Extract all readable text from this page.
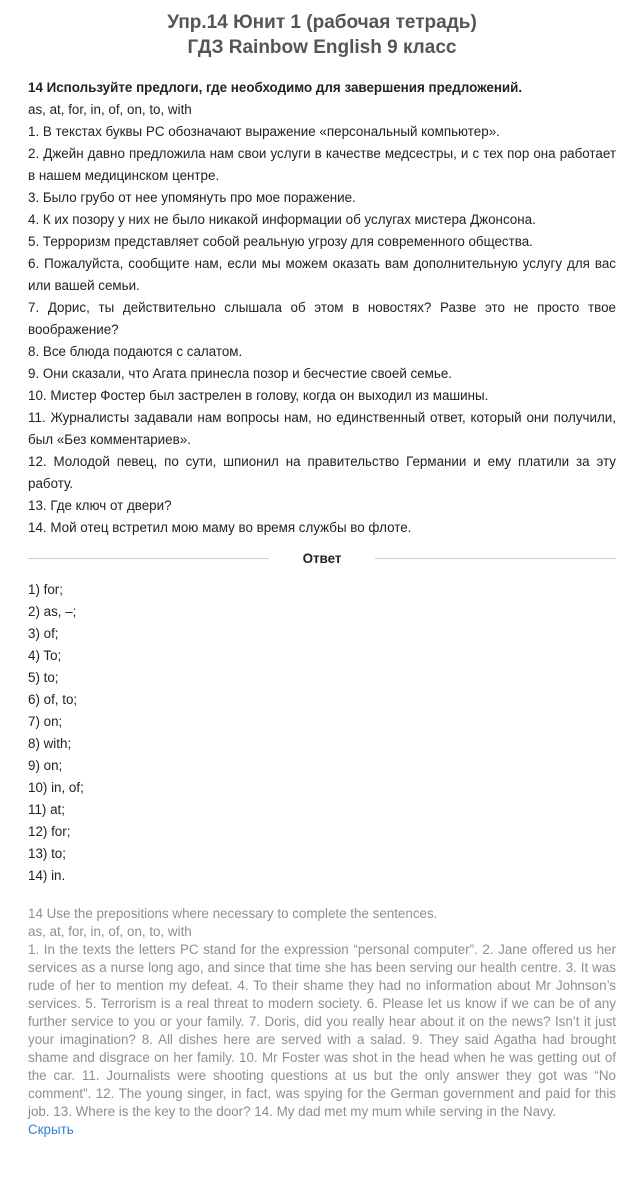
Упр.14 Юнит 1 (рабочая тетрадь)
ГДЗ Rainbow English 9 класс

14 Используйте предлоги, где необходимо для завершения предложений.

as, at, for, in, of, on, to, with

1. В текстах буквы PC обозначают выражение «персональный компьютер».

2. Джейн давно предложила нам свои услуги в качестве медсестры, и с тех пор она работает в нашем медицинском центре.

3. Было грубо от нее упомянуть про мое поражение.

4. К их позору у них не было никакой информации об услугах мистера Джонсона.

5. Терроризм представляет собой реальную угрозу для современного общества.

6. Пожалуйста, сообщите нам, если мы можем оказать вам дополнительную услугу для вас или вашей семьи.

7. Дорис, ты действительно слышала об этом в новостях? Разве это не просто твое воображение?

8. Все блюда подаются с салатом.

9. Они сказали, что Агата принесла позор и бесчестие своей семье.

10. Мистер Фостер был застрелен в голову, когда он выходил из машины.

11. Журналисты задавали нам вопросы нам, но единственный ответ, который они получили, был «Без комментариев».

12. Молодой певец, по сути, шпионил на правительство Германии и ему платили за эту работу.

13. Где ключ от двери?

14. Мой отец встретил мою маму во время службы во флоте.

Ответ
1) for;
2) as, –;
3) of;
4) To;
5) to;
6) of, to;
7) on;
8) with;
9) on;
10) in, of;
11) at;
12) for;
13) to;
14) in.

14 Use the prepositions where necessary to complete the sentences.

as, at, for, in, of, on, to, with

1. In the texts the letters PC stand for the expression “personal computer”. 2. Jane offered us her services as a nurse long ago, and since that time she has been serving our health centre. 3. It was rude of her to mention my defeat. 4. To their shame they had no information about Mr Johnson’s services. 5. Terrorism is a real threat to modern society. 6. Please let us know if we can be of any further service to you or your family. 7. Doris, did you really hear about it on the news? Isn’t it just your imagination? 8. All dishes here are served with a salad. 9. They said Agatha had brought shame and disgrace on her family. 10. Mr Foster was shot in the head when he was getting out of the car. 11. Journalists were shooting questions at us but the only answer they got was “No comment”. 12. The young singer, in fact, was spying for the German government and paid for this job. 13. Where is the key to the door? 14. My dad met my mum while serving in the Navy.

Скрыть
